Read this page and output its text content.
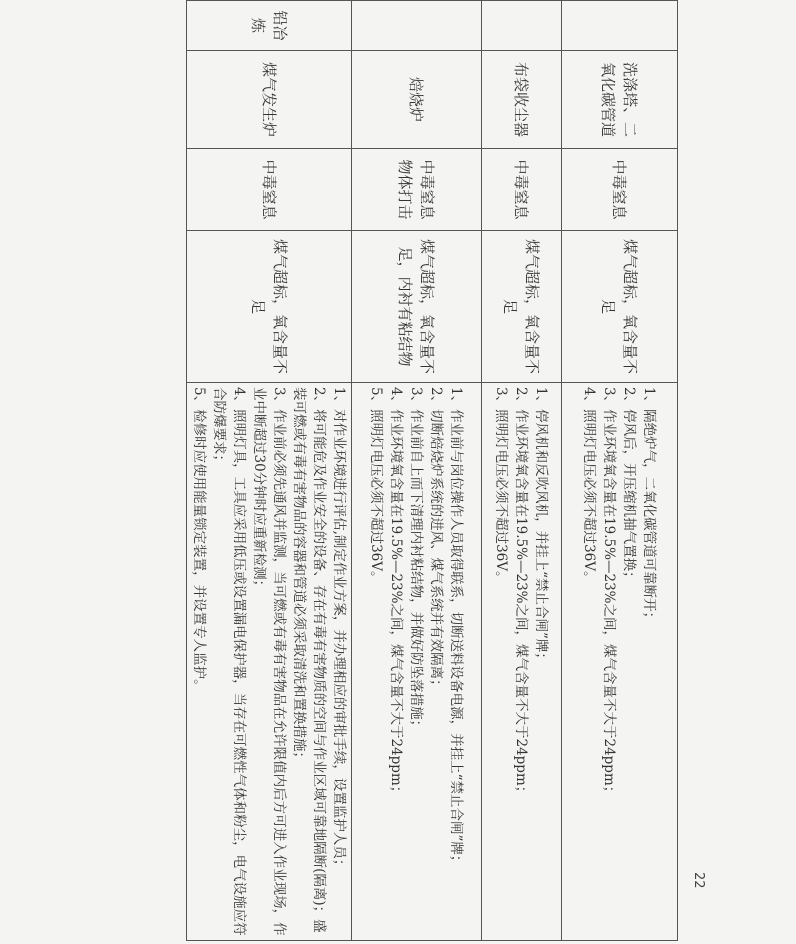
22
	洗涤塔、二氧化碳管道	中毒窒息	煤气超标，氧含量不足	1、隔绝炉气，二氧化碳管道可靠断开；
2、停风后，开压缩机抽气置换；
3、作业环境氧含量在19.5%—23%之间，煤气含量不大于24ppm；
4、照明灯电压必须不超过36V。

	布袋收尘器	中毒窒息	煤气超标，氧含量不足	1、停风机和反吹风机，并挂上“禁止合闸”牌；
2、作业环境氧含量在19.5%—23%之间，煤气含量不大于24ppm；
3、照明灯电压必须不超过36V。

	焙烧炉	中毒窒息物体打击	煤气超标，氧含量不足，内衬有粘结物	1、作业前与岗位操作人员取得联系，切断送料设备电源，并挂上“禁止合闸”牌；
2、切断焙烧炉系统的进风、煤气系统并有效隔离；
3、作业前自上而下清理内衬粘结物，并做好防坠落措施；
4、作业环境氧含量在19.5%—23%之间，煤气含量不大于24ppm；
5、照明灯电压必须不超过36V。

铅冶炼	煤气发生炉	中毒窒息	煤气超标，氧含量不足	1、对作业环境进行评估,制定作业方案，并办理相应的审批手续，设置监护人员；
2、将可能危及作业安全的设备、存在有毒有害物质的空间与作业区域可靠地隔断(隔离)；盛装可燃或有毒有害物品的容器和管道必须采取清洗和置换措施；
3、作业前必须先通风并监测，当可燃或有毒有害物品在允许限值内后方可进入作业现场，作业中断超过30分钟时应重新检测；
4、照明灯具，工具应采用低压或设置漏电保护器，当存在可燃性气体和粉尘，电气设施应符合防爆要求；
5、检修时应使用能量锁定装置，并设置专人监护。
